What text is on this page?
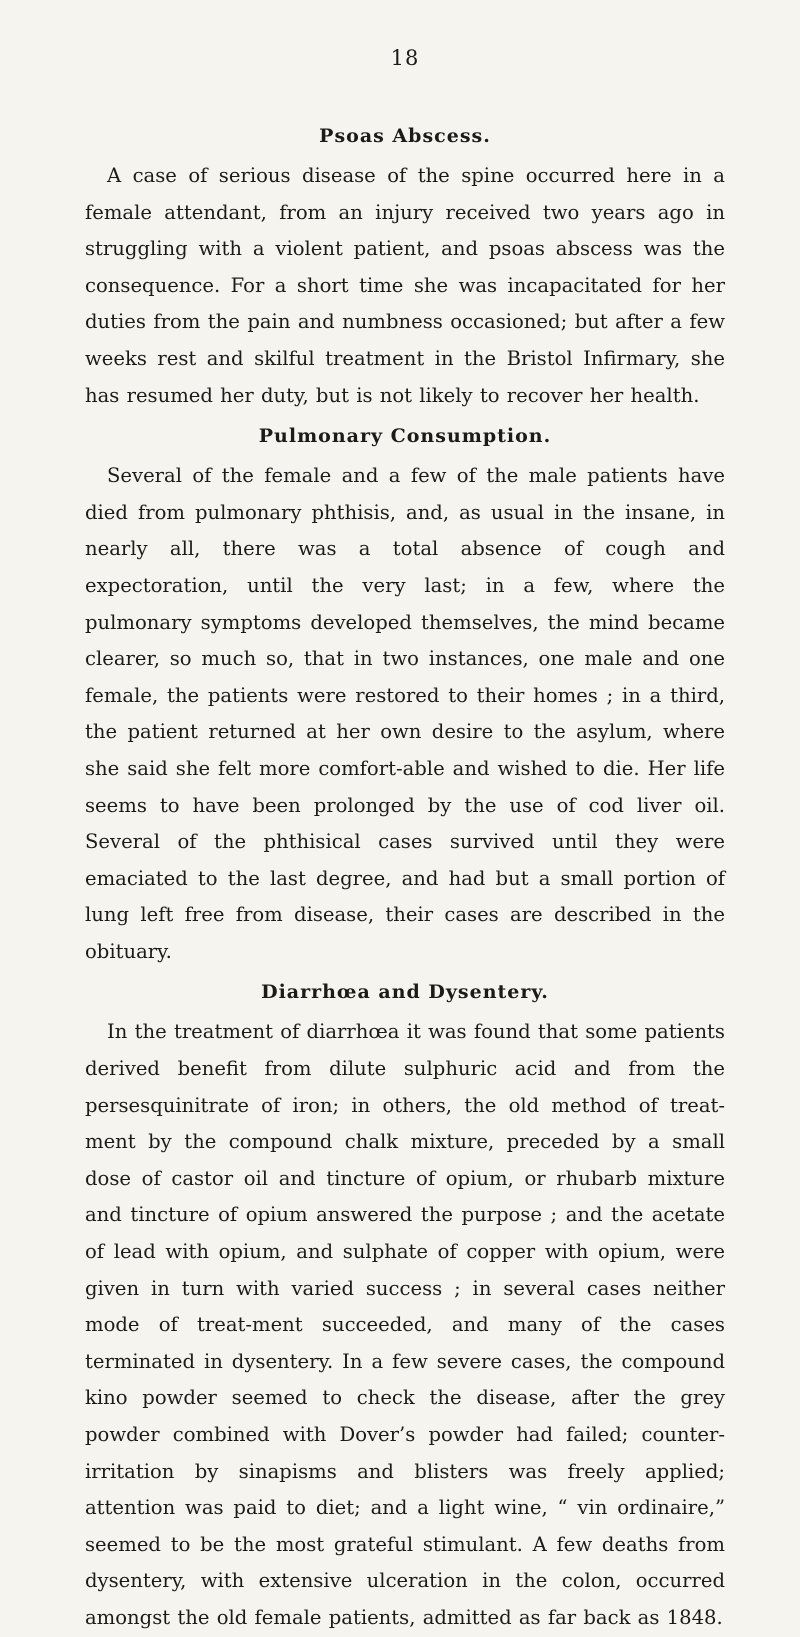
18
Psoas Abscess.

A case of serious disease of the spine occurred here in a female attendant, from an injury received two years ago in struggling with a violent patient, and psoas abscess was the consequence. For a short time she was incapacitated for her duties from the pain and numbness occasioned; but after a few weeks rest and skilful treatment in the Bristol Infirmary, she has resumed her duty, but is not likely to recover her health.

Pulmonary Consumption.

Several of the female and a few of the male patients have died from pulmonary phthisis, and, as usual in the insane, in nearly all, there was a total absence of cough and expectoration, until the very last; in a few, where the pulmonary symptoms developed themselves, the mind became clearer, so much so, that in two instances, one male and one female, the patients were restored to their homes ; in a third, the patient returned at her own desire to the asylum, where she said she felt more comfort-able and wished to die. Her life seems to have been prolonged by the use of cod liver oil. Several of the phthisical cases survived until they were emaciated to the last degree, and had but a small portion of lung left free from disease, their cases are described in the obituary.

Diarrhœa and Dysentery.

In the treatment of diarrhœa it was found that some patients derived benefit from dilute sulphuric acid and from the persesquinitrate of iron; in others, the old method of treat-ment by the compound chalk mixture, preceded by a small dose of castor oil and tincture of opium, or rhubarb mixture and tincture of opium answered the purpose ; and the acetate of lead with opium, and sulphate of copper with opium, were given in turn with varied success ; in several cases neither mode of treat-ment succeeded, and many of the cases terminated in dysentery. In a few severe cases, the compound kino powder seemed to check the disease, after the grey powder combined with Dover’s powder had failed; counter-irritation by sinapisms and blisters was freely applied; attention was paid to diet; and a light wine, “ vin ordinaire,” seemed to be the most grateful stimulant. A few deaths from dysentery, with extensive ulceration in the colon, occurred amongst the old female patients, admitted as far back as 1848.
